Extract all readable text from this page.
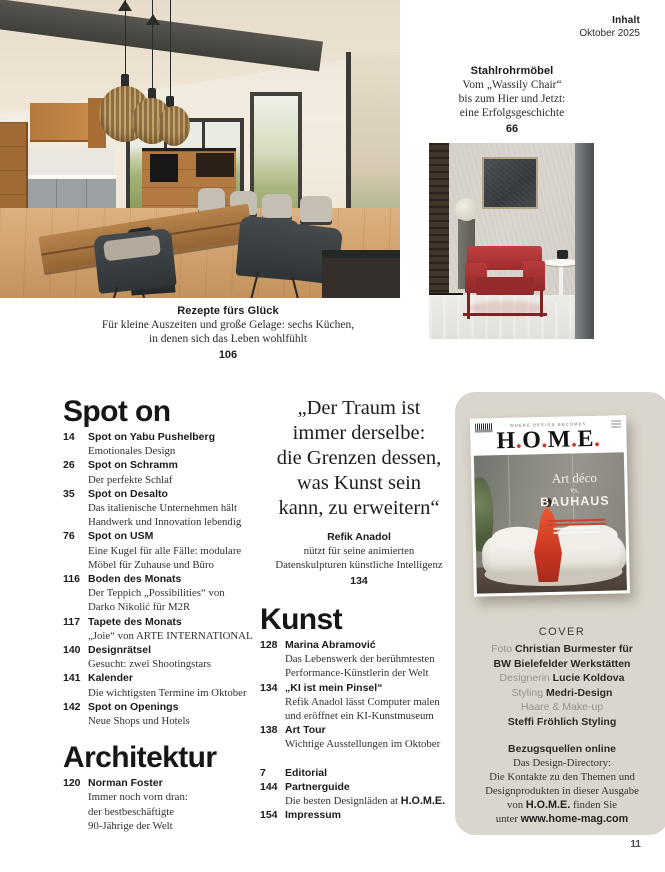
Inhalt
Oktober 2025
Rezepte fürs Glück
Für kleine Auszeiten und große Gelage: sechs Küchen,
in denen sich das Leben wohlfühlt
106
Stahlrohrmöbel
Vom „Wassily Chair“
bis zum Hier und Jetzt:
eine Erfolgsgeschichte
66
Spot on
14	Spot on Yabu Pushelberg
Emotionales Design
26	Spot on Schramm
Der perfekte Schlaf
35	Spot on Desalto
Das italienische Unternehmen hält
Handwerk und Innovation lebendig
76	Spot on USM
Eine Kugel für alle Fälle: modulare
Möbel für Zuhause und Büro
116 Boden des Monats
Der Teppich „Possibilities“ von
Darko Nikolić für M2R
117 Tapete des Monats
„Joie“ von ARTE INTERNATIONAL
140 Designrätsel
Gesucht: zwei Shootingstars
141 Kalender
Die wichtigsten Termine im Oktober
142 Spot on Openings
Neue Shops und Hotels
Architektur
120 Norman Foster
Immer noch vorn dran:
der bestbeschäftigte
90-Jährige der Welt
„Der Traum ist
immer derselbe:
die Grenzen dessen,
was Kunst sein
kann, zu erweitern“
Refik Anadol
nützt für seine animierten
Datenskulpturen künstliche Intelligenz
134
Kunst
128 Marina Abramović
Das Lebenswerk der berühmtesten
Performance-Künstlerin der Welt
134 „KI ist mein Pinsel“
Refik Anadol lässt Computer malen
und eröffnet ein KI-Kunstmuseum
138 Art Tour
Wichtige Ausstellungen im Oktober
7	Editorial
144 Partnerguide
Die besten Designläden at H.O.M.E.
154 Impressum
WHERE DESIGN BECOMES
H.O.M.E.
Art déco
vs.
BAUHAUS
COVER
Foto Christian Burmester für
BW Bielefelder Werkstätten
Designerin Lucie Koldova
Styling Medri-Design
Haare & Make-up
Steffi Fröhlich Styling
Bezugsquellen online
Das Design-Directory:
Die Kontakte zu den Themen und
Designprodukten in dieser Ausgabe
von H.O.M.E. finden Sie
unter www.home-mag.com
11
